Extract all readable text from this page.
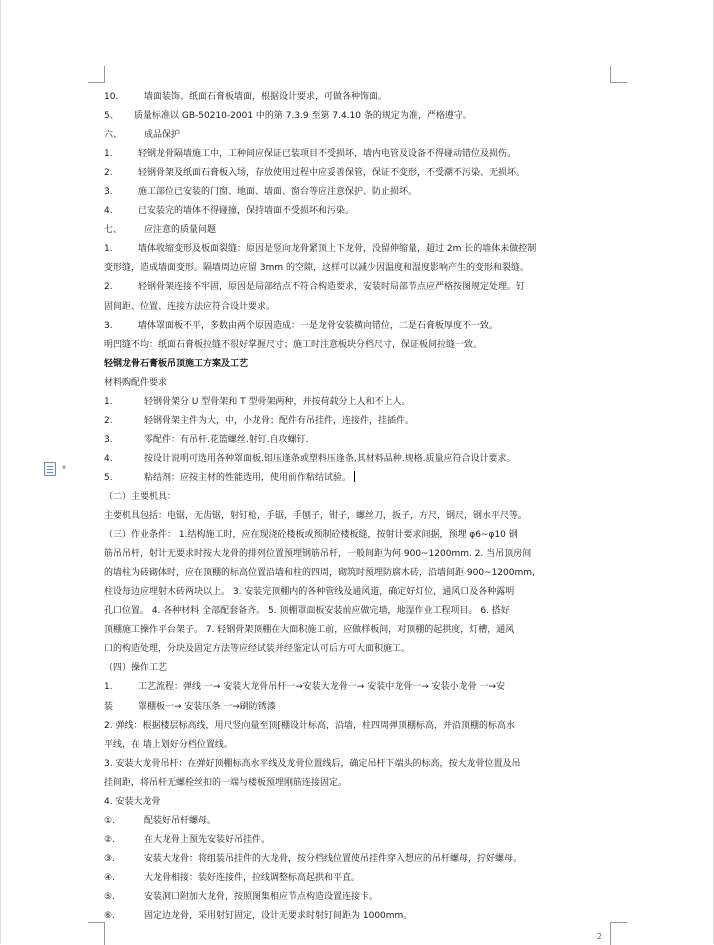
▾
2
10.	墙面装饰、纸面石膏板墙面，根据设计要求，可做各种饰面。
5、 质量标准以 GB-50210-2001 中的第 7.3.9 至第 7.4.10 条的规定为准，严格遵守。
六、 成品保护
1.	轻钢龙骨隔墙施工中，工种间应保证已装项目不受损坏，墙内电管及设备不得碰动错位及损伤。
2.	轻钢骨架及纸面石膏板入场，存放使用过程中应妥善保管，保证不变形，不受潮不污染、无损坏。
3.	施工部位已安装的门窗、地面、墙面、窗台等应注意保护、防止损坏。
4.	已安装完的墙体不得碰撞，保持墙面不受损坏和污染。
七、 应注意的质量问题
1.	墙体收缩变形及板面裂缝：原因是竖向龙骨紧顶上下龙骨，没留伸缩量，超过 2m 长的墙体未做控制
变形缝，造成墙面变形。隔墙周边应留 3mm 的空隙，这样可以减少因温度和湿度影响产生的变形和裂缝。
2.	轻钢骨架连接不牢固，原因是局部结点不符合构造要求，安装时局部节点应严格按图规定处理。钉
固间距、位置、连接方法应符合设计要求。
3.	墙体罩面板不平，多数由两个原因造成：一是龙骨安装横向错位，二是石膏板厚度不一致。
明凹缝不均：纸面石膏板拉缝不很好掌握尺寸；施工时注意板块分档尺寸，保证板间拉缝一致。
轻钢龙骨石膏板吊顶施工方案及工艺
材料购配件要求
1.	轻钢骨架分 U 型骨架和 T 型骨架两种，并按荷载分上人和不上人。
2.	轻钢骨架主件为大，中，小龙骨；配件有吊挂件，连接件，挂插件。
3.	零配件：有吊杆.花篮螺丝.射钉.自攻螺钉.
4.	按设计说明可选用各种罩面板.铝压逢条或塑料压逢条,其材料品种.规格.质量应符合设计要求。
5.	粘结剂：应按主材的性能选用，使用前作粘结试验。
（二）主要机具：
主要机具包括：电锯，无齿锯，射钉枪，手锯，手刨子，钳子，螺丝刀，扳子，方尺，钢尺，钢水平尺等。
（三）作业条件： 1.结构施工时，应在现浇砼楼板或预制砼楼板缝，按射计要求间据，预埋 φ6~φ10 钢
筋吊吊杆，射计无要求时按大龙骨的排列位置预埋钢筋吊杆，一般间距为何 900~1200mm. 2. 当吊顶房间
的墙柱为砖砌体时，应在顶棚的标高位置沿墙和柱的四周，砌筑时预埋防腐木砖，沿墙间距 900~1200mm,
柱设每边应埋射木砖两块以上。 3. 安装完顶棚内的各种管线及通风道，确定好灯位，通风口及各种露明
孔口位置。 4. 各种材料 全部配套备齐。 5. 顶棚罩面板安装前应做完墙，地湿作业工程项目。 6. 搭好
顶棚施工操作平台架子。 7. 轻钢骨架顶棚在大面积施工前，应做样板间，对顶棚的起拱度，灯槽，通风
口的构造处理，分块及固定方法等应经试装并经鉴定认可后方可大面积施工。
（四）操作工艺
1.	工艺流程：弹线 一→ 安装大龙骨吊杆一→安装大龙骨一→ 安装中龙骨一→ 安装小龙骨 一→安
装	罩棚板一→ 安装压条 一→刷防锈漆
2. 弹线：根据楼层标高线，用尺竖向量至顶[棚设计标高，沿墙，柱四周弹顶棚标高，并沿顶棚的标高水
平线，在 墙上划好分档位置线。
3. 安装大龙骨吊杆：在弹好顶棚标高水平线及龙骨位置线后，确定吊杆下端头的标高，按大龙骨位置及吊
挂间距，将吊杆无螺栓丝扣的一端与楼板预埋刚筋连接固定。
4. 安装大龙骨
①.	配装好吊杆螺母。
②.	在大龙骨上预先安装好吊挂件。
③.	安装大龙骨：将组装吊挂件的大龙骨，按分档线位置使吊挂件穿入想应的吊杆螺母，拧好螺母。
④.	大龙骨相接：装好连接件，拉线调整标高起拱和平直。
⑤.	安装洞口附加大龙骨，按照图集相应节点构造设置连接卡。
⑥.	固定边龙骨，采用射钉固定，设计无要求时射钉间距为 1000mm。
